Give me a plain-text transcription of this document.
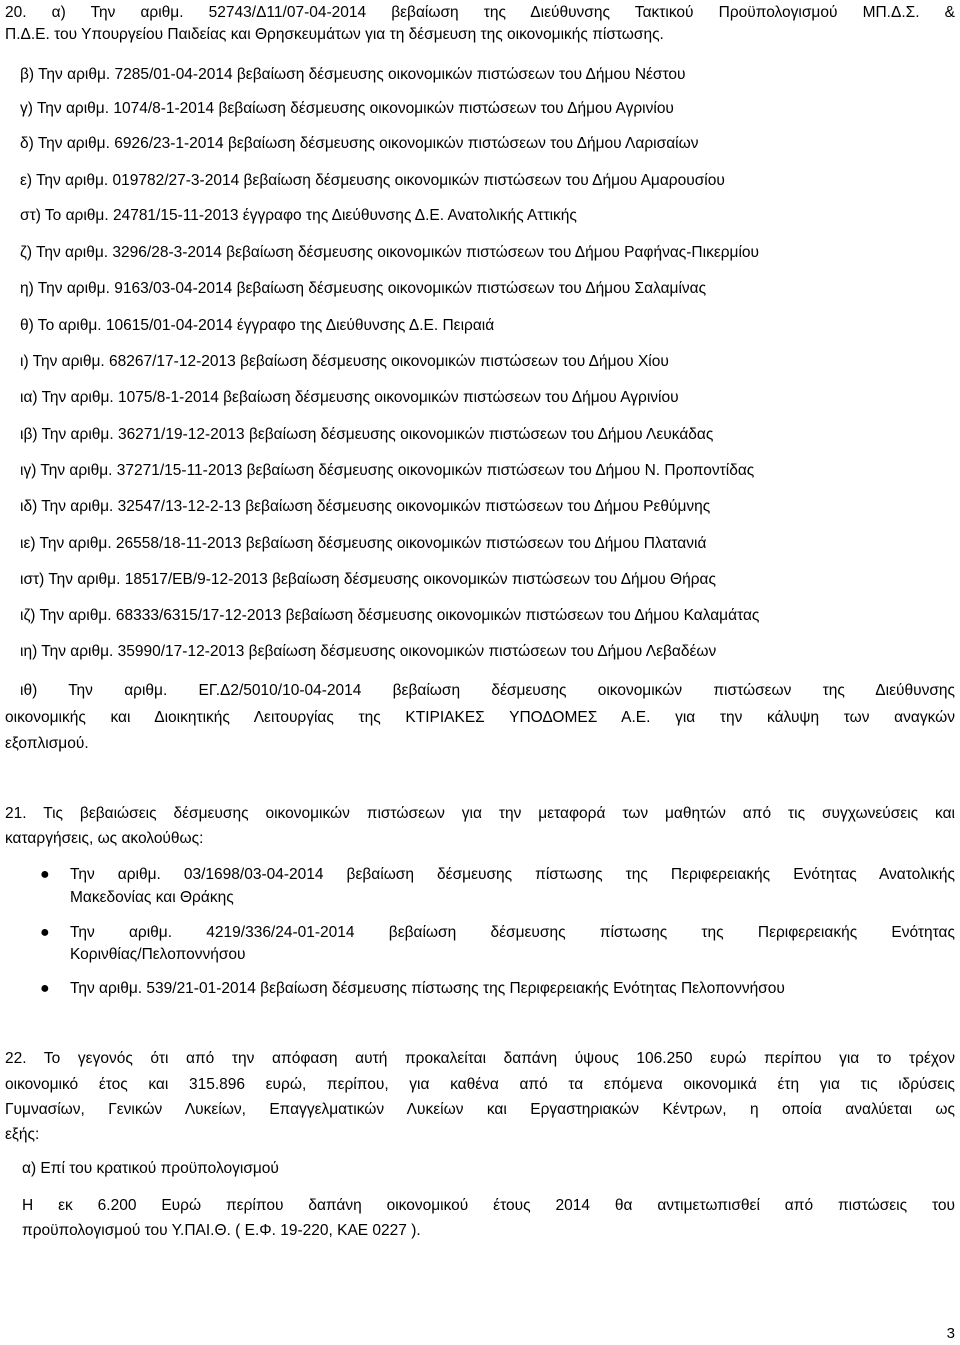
20. α) Την αριθμ. 52743/Δ11/07-04-2014 βεβαίωση της Διεύθυνσης Τακτικού Προϋπολογισμού ΜΠ.Δ.Σ. &
Π.Δ.Ε. του Υπουργείου Παιδείας και Θρησκευμάτων για τη δέσμευση της οικονομικής πίστωσης.
β) Την αριθμ. 7285/01-04-2014 βεβαίωση δέσμευσης οικονομικών πιστώσεων του Δήμου Νέστου
γ) Την αριθμ. 1074/8-1-2014 βεβαίωση δέσμευσης οικονομικών πιστώσεων του Δήμου Αγρινίου
δ) Την αριθμ. 6926/23-1-2014 βεβαίωση δέσμευσης οικονομικών πιστώσεων του Δήμου Λαρισαίων
ε) Την αριθμ. 019782/27-3-2014 βεβαίωση δέσμευσης οικονομικών πιστώσεων του Δήμου Αμαρουσίου
στ) Το αριθμ. 24781/15-11-2013 έγγραφο της Διεύθυνσης Δ.Ε. Ανατολικής Αττικής
ζ) Την αριθμ. 3296/28-3-2014 βεβαίωση δέσμευσης οικονομικών πιστώσεων του Δήμου Ραφήνας-Πικερμίου
η) Την αριθμ. 9163/03-04-2014 βεβαίωση δέσμευσης οικονομικών πιστώσεων του Δήμου Σαλαμίνας
θ) Το αριθμ. 10615/01-04-2014 έγγραφο της Διεύθυνσης Δ.Ε. Πειραιά
ι) Την αριθμ. 68267/17-12-2013 βεβαίωση δέσμευσης οικονομικών πιστώσεων του Δήμου Χίου
ια) Την αριθμ. 1075/8-1-2014 βεβαίωση δέσμευσης οικονομικών πιστώσεων του Δήμου Αγρινίου
ιβ) Την αριθμ. 36271/19-12-2013 βεβαίωση δέσμευσης οικονομικών πιστώσεων του Δήμου Λευκάδας
ιγ) Την αριθμ. 37271/15-11-2013 βεβαίωση δέσμευσης οικονομικών πιστώσεων του Δήμου Ν. Προποντίδας
ιδ) Την αριθμ. 32547/13-12-2-13 βεβαίωση δέσμευσης οικονομικών πιστώσεων του Δήμου Ρεθύμνης
ιε) Την αριθμ. 26558/18-11-2013 βεβαίωση δέσμευσης οικονομικών πιστώσεων του Δήμου Πλατανιά
ιστ) Την αριθμ. 18517/ΕΒ/9-12-2013 βεβαίωση δέσμευσης οικονομικών πιστώσεων του Δήμου Θήρας
ιζ) Την αριθμ. 68333/6315/17-12-2013 βεβαίωση δέσμευσης οικονομικών πιστώσεων του Δήμου Καλαμάτας
ιη) Την αριθμ. 35990/17-12-2013 βεβαίωση δέσμευσης οικονομικών πιστώσεων του Δήμου Λεβαδέων
ιθ) Την αριθμ. ΕΓ.Δ2/5010/10-04-2014 βεβαίωση δέσμευσης οικονομικών πιστώσεων της Διεύθυνσης
οικονομικής και Διοικητικής Λειτουργίας της ΚΤΙΡΙΑΚΕΣ ΥΠΟΔΟΜΕΣ Α.Ε. για την κάλυψη των αναγκών
εξοπλισμού.
21. Τις βεβαιώσεις δέσμευσης οικονομικών πιστώσεων για την μεταφορά των μαθητών από τις συγχωνεύσεις και
καταργήσεις, ως ακολούθως:
● Την αριθμ. 03/1698/03-04-2014 βεβαίωση δέσμευσης πίστωσης της Περιφερειακής Ενότητας Ανατολικής
Μακεδονίας και Θράκης
● Την αριθμ. 4219/336/24-01-2014 βεβαίωση δέσμευσης πίστωσης της Περιφερειακής Ενότητας
Κορινθίας/Πελοποννήσου
● Την αριθμ. 539/21-01-2014 βεβαίωση δέσμευσης πίστωσης της Περιφερειακής Ενότητας Πελοποννήσου
22. Το γεγονός ότι από την απόφαση αυτή προκαλείται δαπάνη ύψους 106.250 ευρώ περίπου για το τρέχον
οικονομικό έτος και 315.896 ευρώ, περίπου, για καθένα από τα επόμενα οικονομικά έτη για τις ιδρύσεις
Γυμνασίων, Γενικών Λυκείων, Επαγγελματικών Λυκείων και Εργαστηριακών Κέντρων, η οποία αναλύεται ως
εξής:
α) Επί του κρατικού προϋπολογισμού
Η εκ 6.200 Ευρώ περίπου δαπάνη οικονομικού έτους 2014 θα αντιμετωπισθεί από πιστώσεις του
προϋπολογισμού του Υ.ΠΑΙ.Θ. ( Ε.Φ. 19-220, ΚΑΕ 0227 ).
3
